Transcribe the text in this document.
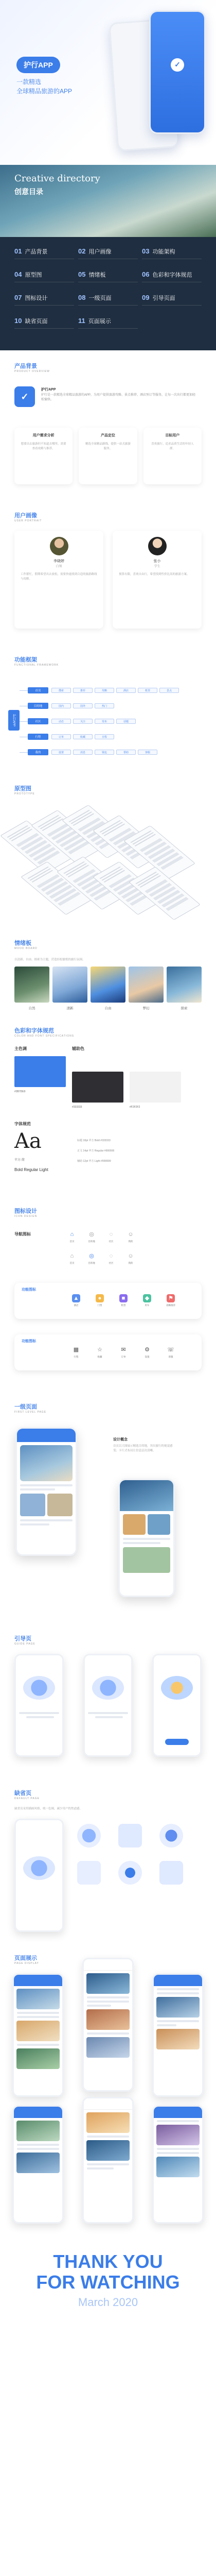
护行APP
一款精选
全球精品旅游的APP
✓
Creative directory
创意目录
01 产品背景	02 用户画像	03 功能架构
04 原型图	05 情绪板	06 色彩和字体规范
07 图标设计	08 一级页面	09 引导页面
10 缺省页面	11 页面展示
产品背景
PRODUCT OVERVIEW
✓
护行APP
护行是一款精选全球精品旅游的APP，为用户提供旅游攻略、景点推荐、酒店预订等服务，让每一次出行都更加轻松愉快。
用户需求分析
想要出去旅游但不知道去哪里，需要查看攻略与推荐。
产品定位
精选全球精品路线，提供一站式旅游服务。
目标用户
喜欢旅行、追求品质生活的年轻人群。
用户画像
USER PORTRAIT
李晓婷
白领
工作繁忙，假期希望出去放松，需要快速找到合适的旅游路线与攻略。
张小
学生
预算有限，喜欢自由行，希望找到性价比高的旅游方案。
功能框架
FUNCTIONAL FRAMEWORK
护行APP
首页	搜索	推荐	攻略	酒店	机票	景点
目的地	国内	国外	热门
社区	动态	关注	发布	话题
行程	订单	收藏	日程
我的	设置	消息	钱包	帮助	客服
原型图
PROTOTYPE
情绪板
MOOD BOARD
以清新、自由、探索为主题，营造轻松愉悦的旅行氛围。
自然	清新	自由	梦幻	探索
色彩和字体规范
COLOR AND FONT SPECIFICATIONS
主色调	辅助色
#3B7DE9
#333333	#F2F2F2
字体规范
Aa
苹方-简
Bold Regular Light
标题 18pt 苹方 Bold #333333
正文 14pt 苹方 Regular #666666
辅助 12pt 苹方 Light #999999
图标设计
ICON DESIGN
导航图标	⌂
首页
◎
目的地
◌
社区
☺
我的
⌂
首页
◎
目的地
◌
社区
☺
我的
功能图标
▲
酒店
●
门票
■
机票
◆
用车
⚑
攻略推荐
功能图标
▦
行程
☆
收藏
✉
订单
⚙
设置
☏
客服
一级页面
FIRST LEVEL PAGE
设计概念
首页以大图展示精选目的地，突出旅行的视觉感受；卡片式布局让信息层次清晰。
引导页
GUIDE PAGE
缺省页
DEFAULT PAGE
缺省页采用插画风格，统一色调，减少用户的焦虑感。
页面展示
PAGE DISPLAY
THANK YOU
FOR WATCHING
March 2020
